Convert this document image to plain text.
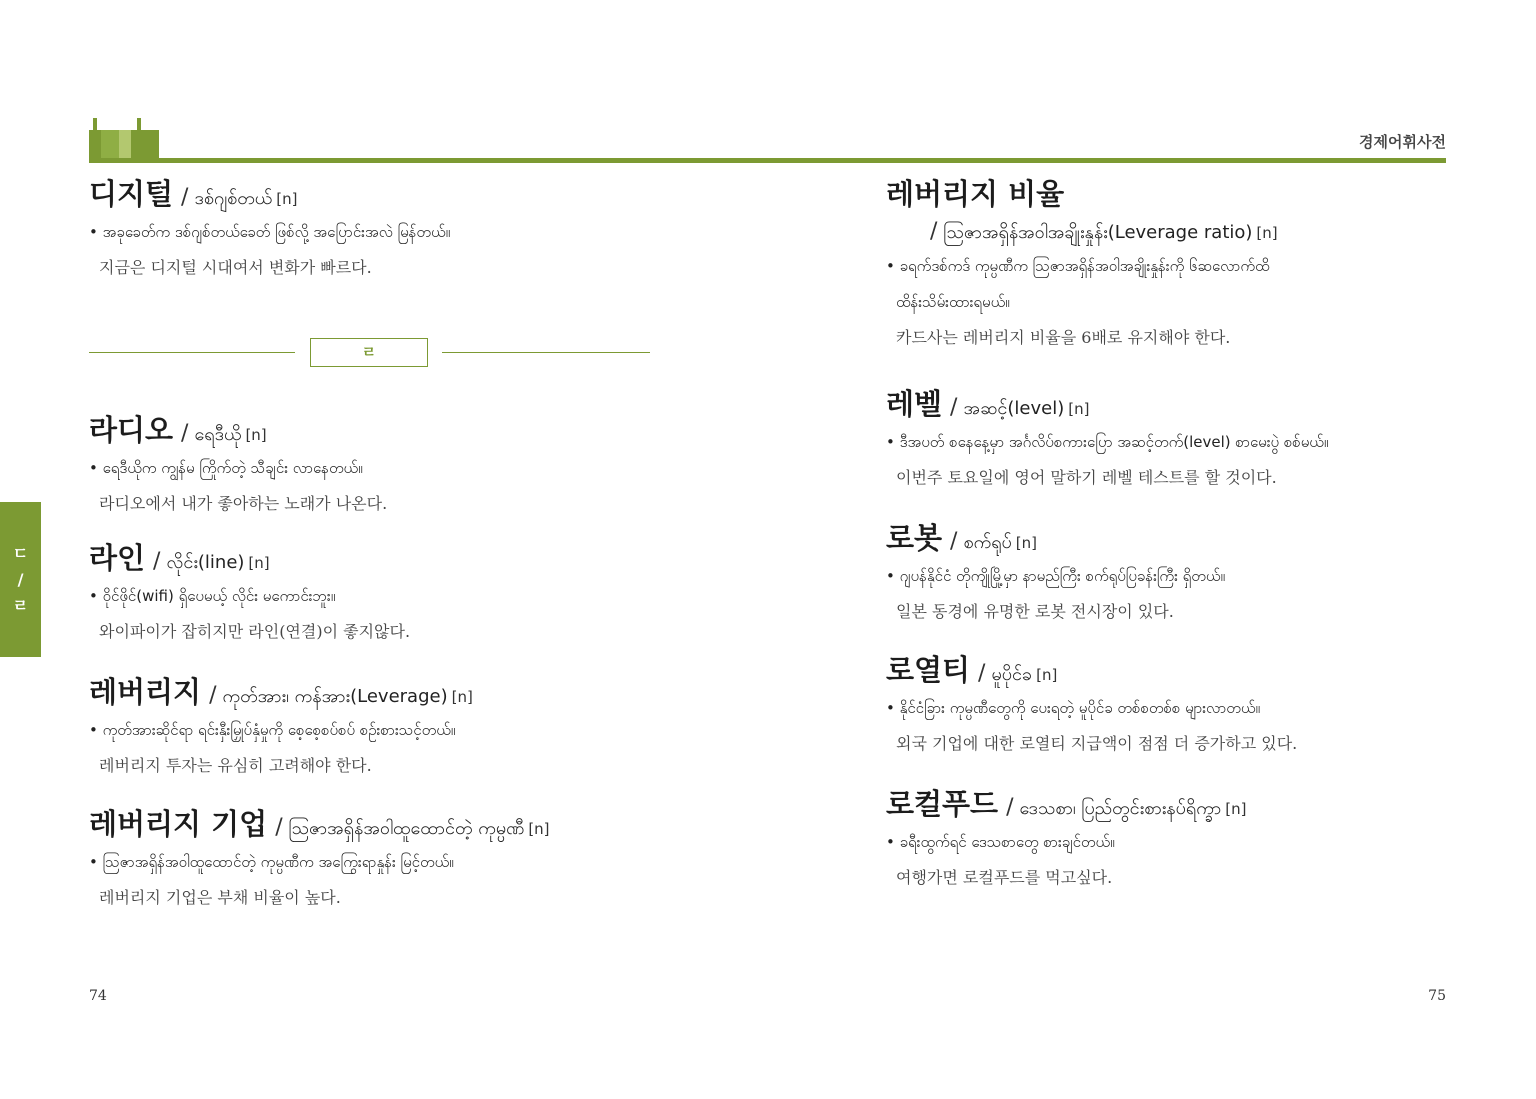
경제어휘사전
ㄷ
/
ㄹ
디지털 / ဒစ်ဂျစ်တယ် [n]
• အခုခေတ်က ဒစ်ဂျစ်တယ်ခေတ် ဖြစ်လို့ အပြောင်းအလဲ မြန်တယ်။
지금은 디지털 시대여서 변화가 빠르다.
ㄹ
라디오 / ရေဒီယို [n]
• ရေဒီယိုက ကျွန်မ ကြိုက်တဲ့ သီချင်း လာနေတယ်။
라디오에서 내가 좋아하는 노래가 나온다.
라인 / လိုင်း(line) [n]
• ဝိုင်ဖိုင်(wifi) ရှိပေမယ့် လိုင်း မကောင်းဘူး။
와이파이가 잡히지만 라인(연결)이 좋지않다.
레버리지 / ကုတ်အား၊ ကန်အား(Leverage) [n]
• ကုတ်အားဆိုင်ရာ ရင်းနှီးမြှုပ်နှံမှုကို စေ့စေ့စပ်စပ် စဉ်းစားသင့်တယ်။
레버리지 투자는 유심히 고려해야 한다.
레버리지 기업 / ဩဇာအရှိန်အဝါထူထောင်တဲ့ ကုမ္ပဏီ [n]
• ဩဇာအရှိန်အဝါထူထောင်တဲ့ ကုမ္ပဏီက အကြွေးရာနှုန်း မြင့်တယ်။
레버리지 기업은 부채 비율이 높다.
레버리지 비율
/ ဩဇာအရှိန်အဝါအချိုးနှုန်း(Leverage ratio) [n]
• ခရက်ဒစ်ကဒ် ကုမ္ပဏီက ဩဇာအရှိန်အဝါအချိုးနှုန်းကို ၆ဆလောက်ထိ
ထိန်းသိမ်းထားရမယ်။
카드사는 레버리지 비율을 6배로 유지해야 한다.
레벨 / အဆင့်(level) [n]
• ဒီအပတ် စနေနေ့မှာ အင်္ဂလိပ်စကားပြော အဆင့်တက်(level) စာမေးပွဲ စစ်မယ်။
이번주 토요일에 영어 말하기 레벨 테스트를 할 것이다.
로봇 / စက်ရုပ် [n]
• ဂျပန်နိုင်ငံ တိုကျိုမြို့မှာ နာမည်ကြီး စက်ရုပ်ပြခန်းကြီး ရှိတယ်။
일본 동경에 유명한 로봇 전시장이 있다.
로열티 / မူပိုင်ခ [n]
• နိုင်ငံခြား ကုမ္ပဏီတွေကို ပေးရတဲ့ မူပိုင်ခ တစ်စတစ်စ များလာတယ်။
외국 기업에 대한 로열티 지급액이 점점 더 증가하고 있다.
로컬푸드 / ဒေသစာ၊ ပြည်တွင်းစားနပ်ရိက္ခာ [n]
• ခရီးထွက်ရင် ဒေသစာတွေ စားချင်တယ်။
여행가면 로컬푸드를 먹고싶다.
74	75
